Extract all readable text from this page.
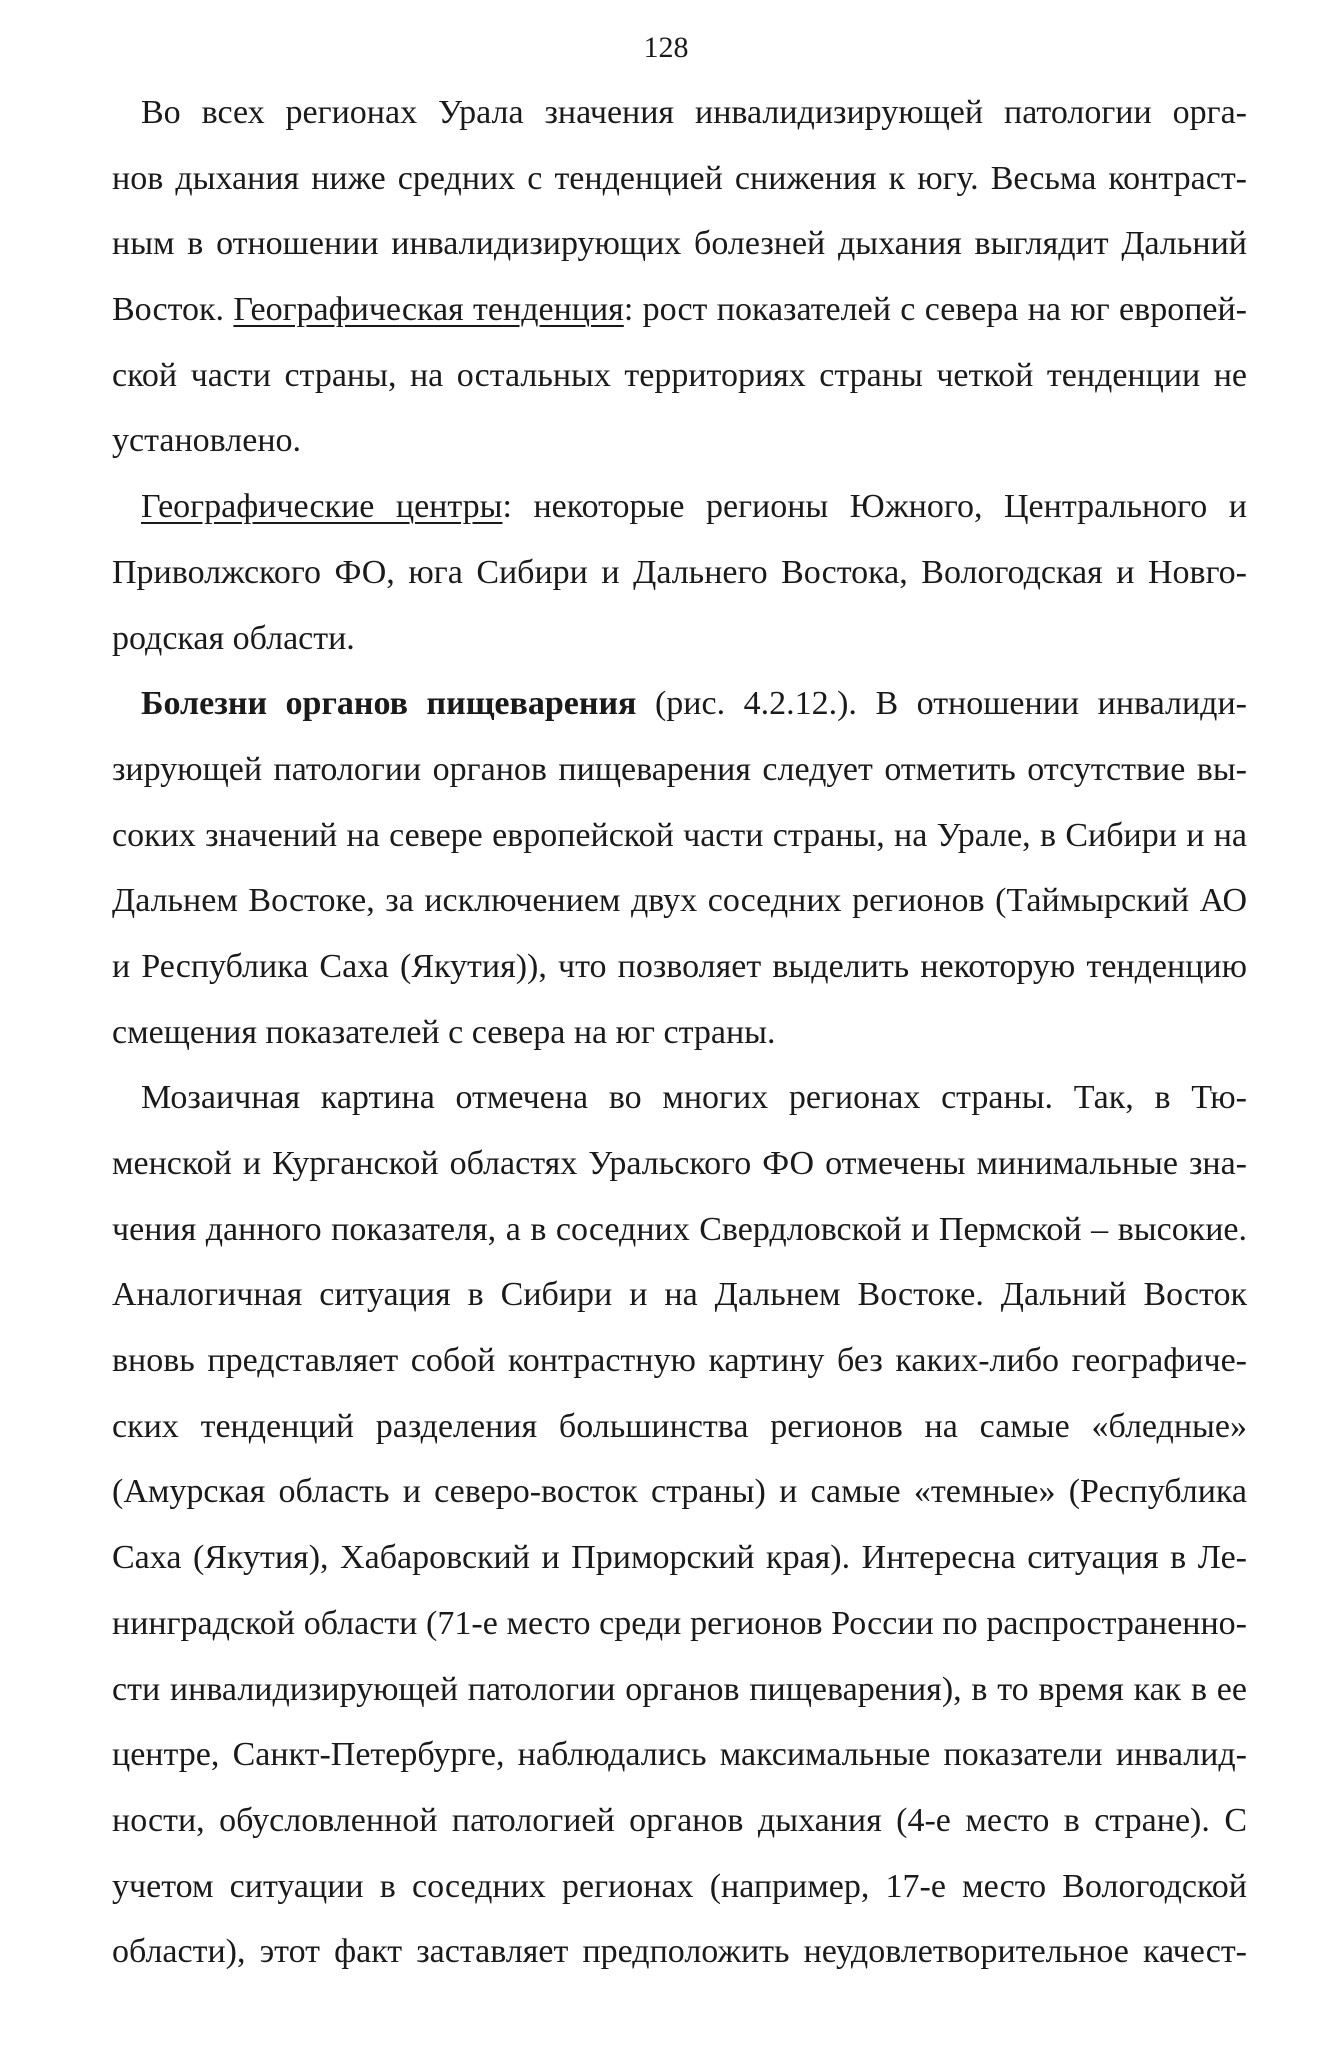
128
Во всех регионах Урала значения инвалидизирующей патологии орга-
нов дыхания ниже средних с тенденцией снижения к югу. Весьма контраст-
ным в отношении инвалидизирующих болезней дыхания выглядит Дальний
Восток. Географическая тенденция: рост показателей с севера на юг европей-
ской части страны, на остальных территориях страны четкой тенденции не
установлено.
Географические центры: некоторые регионы Южного, Центрального и
Приволжского ФО, юга Сибири и Дальнего Востока, Вологодская и Новго-
родская области.
Болезни органов пищеварения (рис. 4.2.12.). В отношении инвалиди-
зирующей патологии органов пищеварения следует отметить отсутствие вы-
соких значений на севере европейской части страны, на Урале, в Сибири и на
Дальнем Востоке, за исключением двух соседних регионов (Таймырский АО
и Республика Саха (Якутия)), что позволяет выделить некоторую тенденцию
смещения показателей с севера на юг страны.
Мозаичная картина отмечена во многих регионах страны. Так, в Тю-
менской и Курганской областях Уральского ФО отмечены минимальные зна-
чения данного показателя, а в соседних Свердловской и Пермской – высокие.
Аналогичная ситуация в Сибири и на Дальнем Востоке. Дальний Восток
вновь представляет собой контрастную картину без каких-либо географиче-
ских тенденций разделения большинства регионов на самые «бледные»
(Амурская область и северо-восток страны) и самые «темные» (Республика
Саха (Якутия), Хабаровский и Приморский края). Интересна ситуация в Ле-
нинградской области (71-е место среди регионов России по распространенно-
сти инвалидизирующей патологии органов пищеварения), в то время как в ее
центре, Санкт-Петербурге, наблюдались максимальные показатели инвалид-
ности, обусловленной патологией органов дыхания (4-е место в стране). С
учетом ситуации в соседних регионах (например, 17-е место Вологодской
области), этот факт заставляет предположить неудовлетворительное качест-
